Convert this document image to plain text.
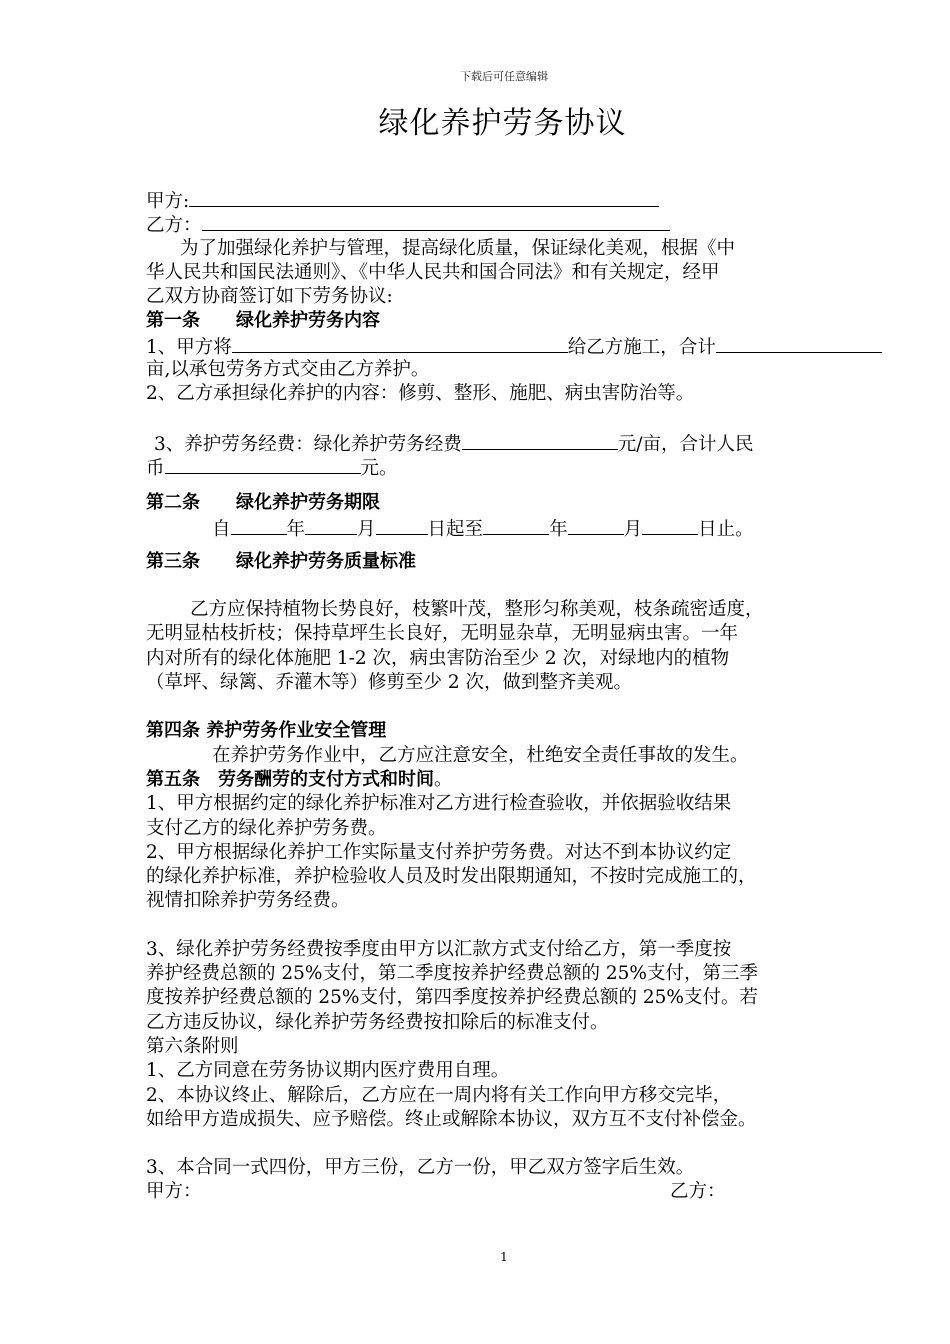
下载后可任意编辑
绿化养护劳务协议
甲方:
乙方：
为了加强绿化养护与管理，提高绿化质量，保证绿化美观，根据《中
华人民共和国民法通则》、《中华人民共和国合同法》和有关规定，经甲
乙双方协商签订如下劳务协议:
第一条　　绿化养护劳务内容
1、甲方将	给乙方施工，合计
亩,以承包劳务方式交由乙方养护。
2、乙方承担绿化养护的内容：修剪、整形、施肥、病虫害防治等。
3、养护劳务经费：绿化养护劳务经费	元/亩，合计人民
币	元。
第二条　　绿化养护劳务期限
自	年	月	日起至	年	月	日止。
第三条　　绿化养护劳务质量标准
乙方应保持植物长势良好，枝繁叶茂，整形匀称美观，枝条疏密适度，
无明显枯枝折枝；保持草坪生长良好，无明显杂草，无明显病虫害。一年
内对所有的绿化体施肥 1-2 次，病虫害防治至少 2 次，对绿地内的植物
（草坪、绿篱、乔灌木等）修剪至少 2 次，做到整齐美观。
第四条 养护劳务作业安全管理
在养护劳务作业中，乙方应注意安全，杜绝安全责任事故的发生。
第五条　劳务酬劳的支付方式和时间。
1、甲方根据约定的绿化养护标准对乙方进行检查验收，并依据验收结果
支付乙方的绿化养护劳务费。
2、甲方根据绿化养护工作实际量支付养护劳务费。对达不到本协议约定
的绿化养护标准，养护检验收人员及时发出限期通知，不按时完成施工的，
视情扣除养护劳务经费。
3、绿化养护劳务经费按季度由甲方以汇款方式支付给乙方，第一季度按
养护经费总额的 25%支付，第二季度按养护经费总额的 25%支付，第三季
度按养护经费总额的 25%支付，第四季度按养护经费总额的 25%支付。若
乙方违反协议，绿化养护劳务经费按扣除后的标准支付。
第六条附则
1、乙方同意在劳务协议期内医疗费用自理。
2、本协议终止、解除后，乙方应在一周内将有关工作向甲方移交完毕，
如给甲方造成损失、应予赔偿。终止或解除本协议，双方互不支付补偿金。
3、本合同一式四份，甲方三份，乙方一份，甲乙双方签字后生效。
甲方：	乙方：
1
